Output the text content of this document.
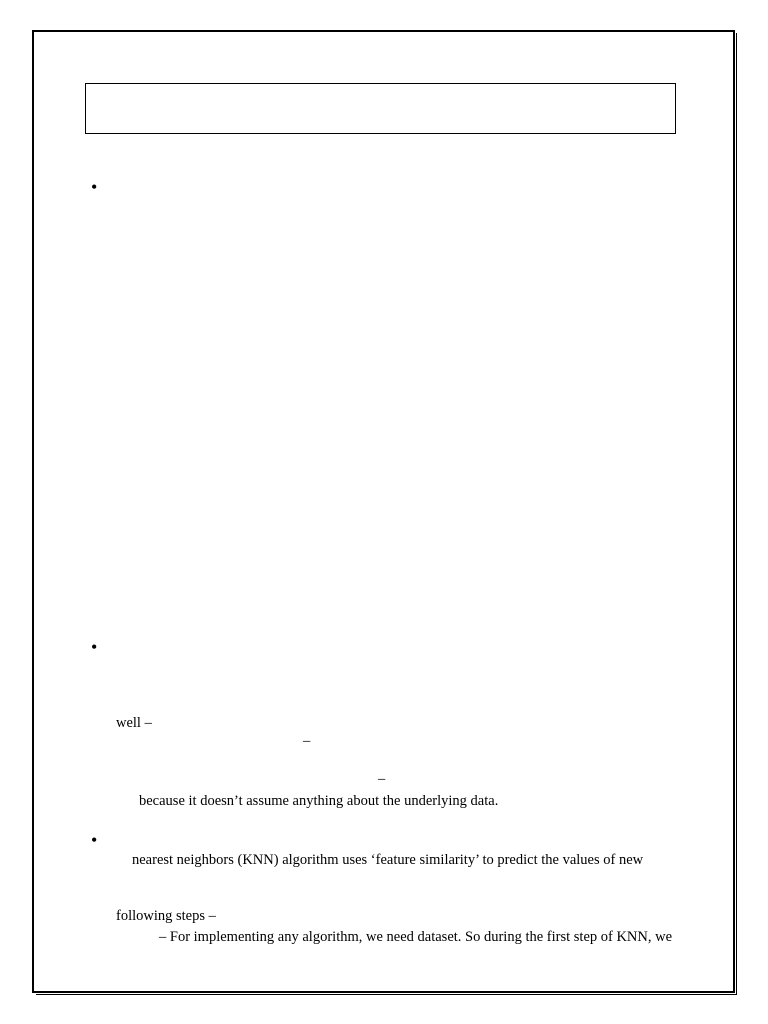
•
•
well –
–
–
because it doesn’t assume anything about the underlying data.
•
nearest neighbors (KNN) algorithm uses ‘feature similarity’ to predict the values of new
following steps –
– For implementing any algorithm, we need dataset. So during the first step of KNN, we
